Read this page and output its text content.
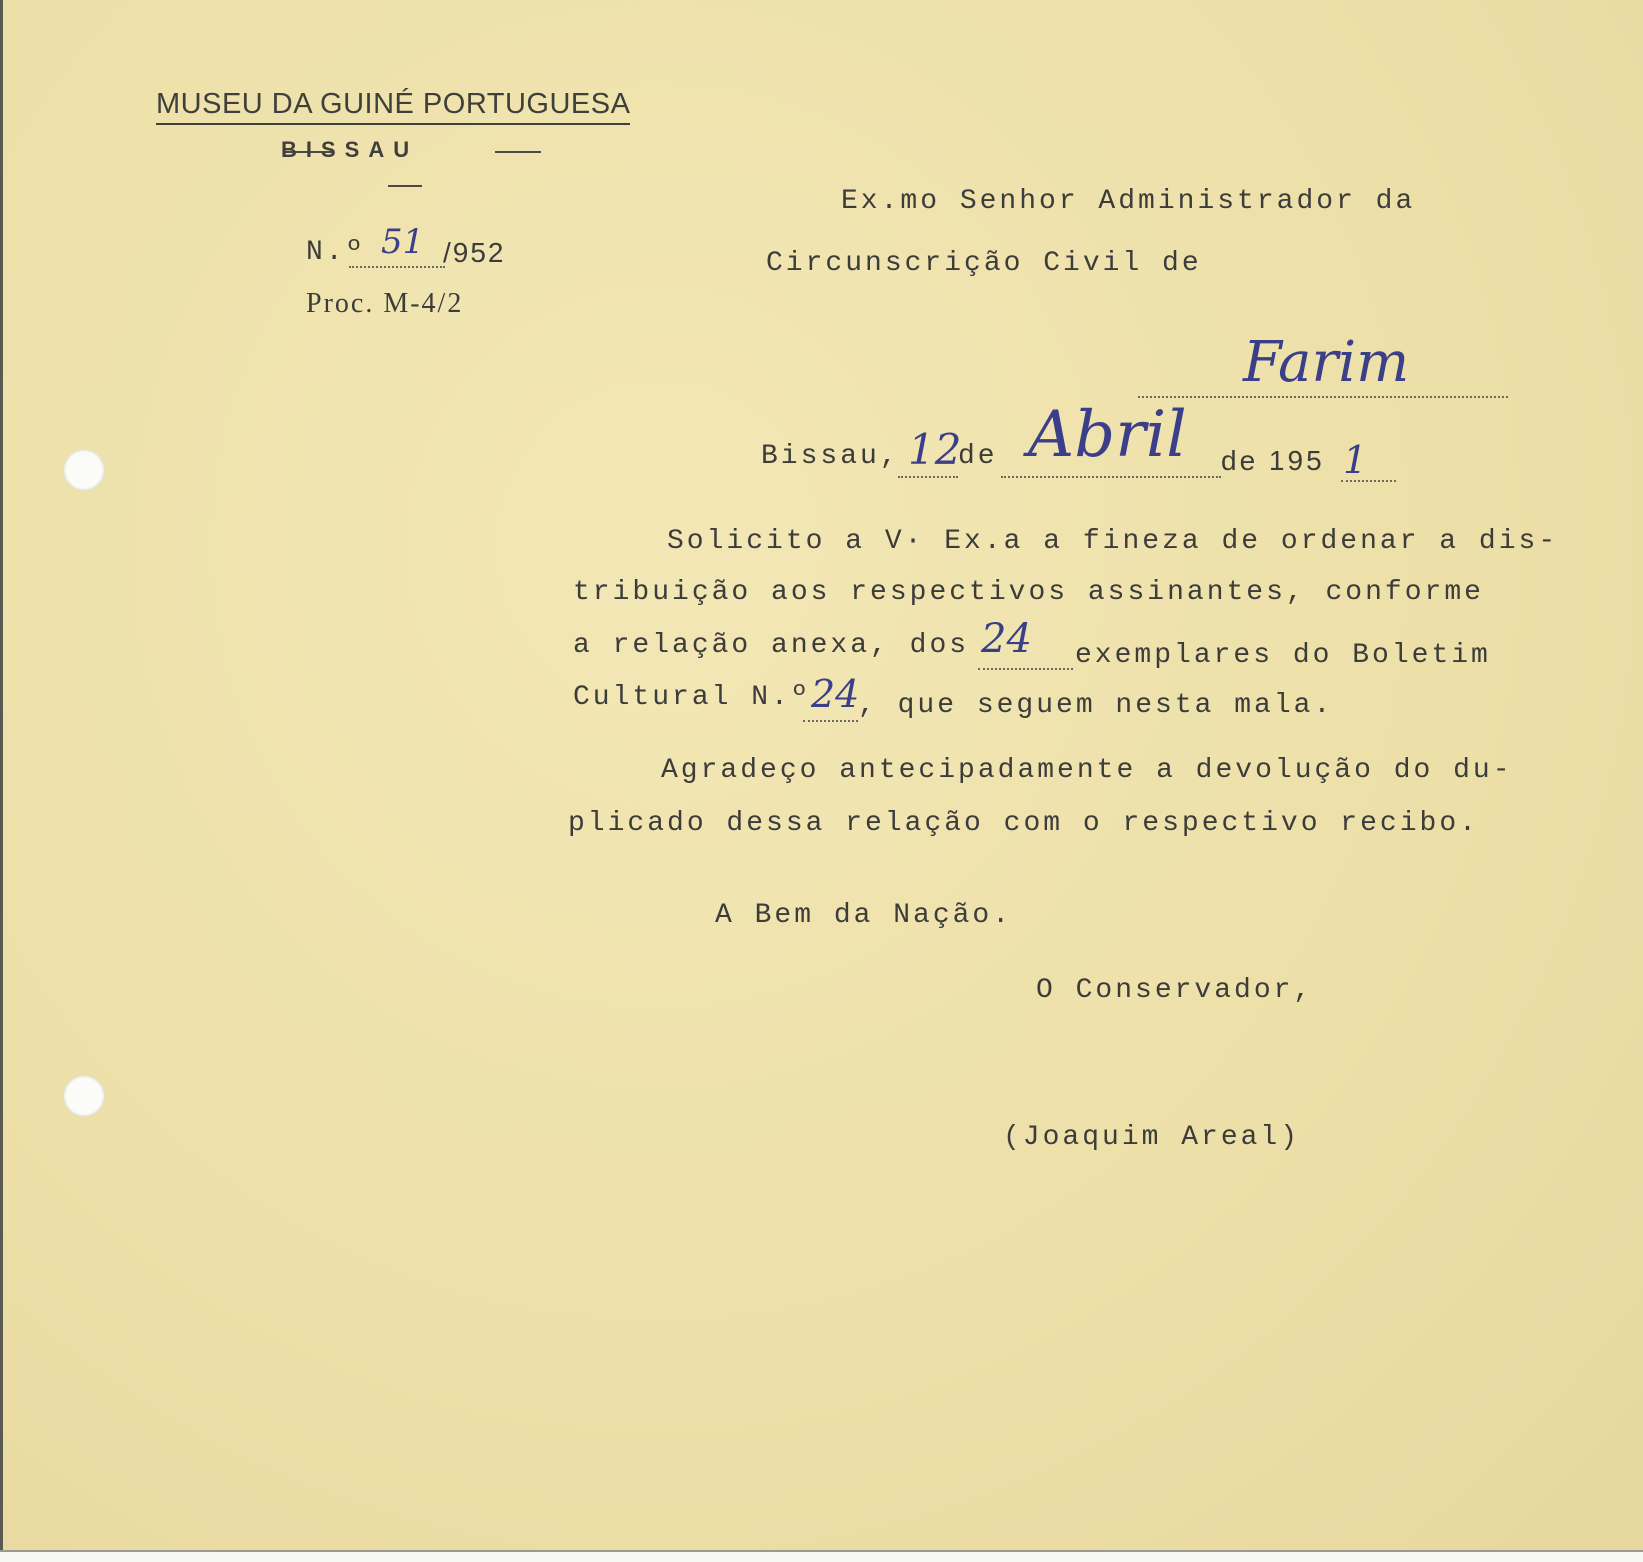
MUSEU DA GUINÉ PORTUGUESA
BISSAU
N.º 51 /952
Proc. M-4/2
Ex.mo Senhor Administrador da
Circunscrição Civil de
Farim
Bissau, 12
de Abril de 195 1
Solicito a V· Ex.a a fineza de ordenar a dis-
tribuição aos respectivos assinantes, conforme
a relação anexa, dos 24 exemplares do Boletim
Cultural N.º 24
, que seguem nesta mala.
Agradeço antecipadamente a devolução do du-
plicado dessa relação com o respectivo recibo.
A Bem da Nação.
O Conservador,
(Joaquim Areal)
